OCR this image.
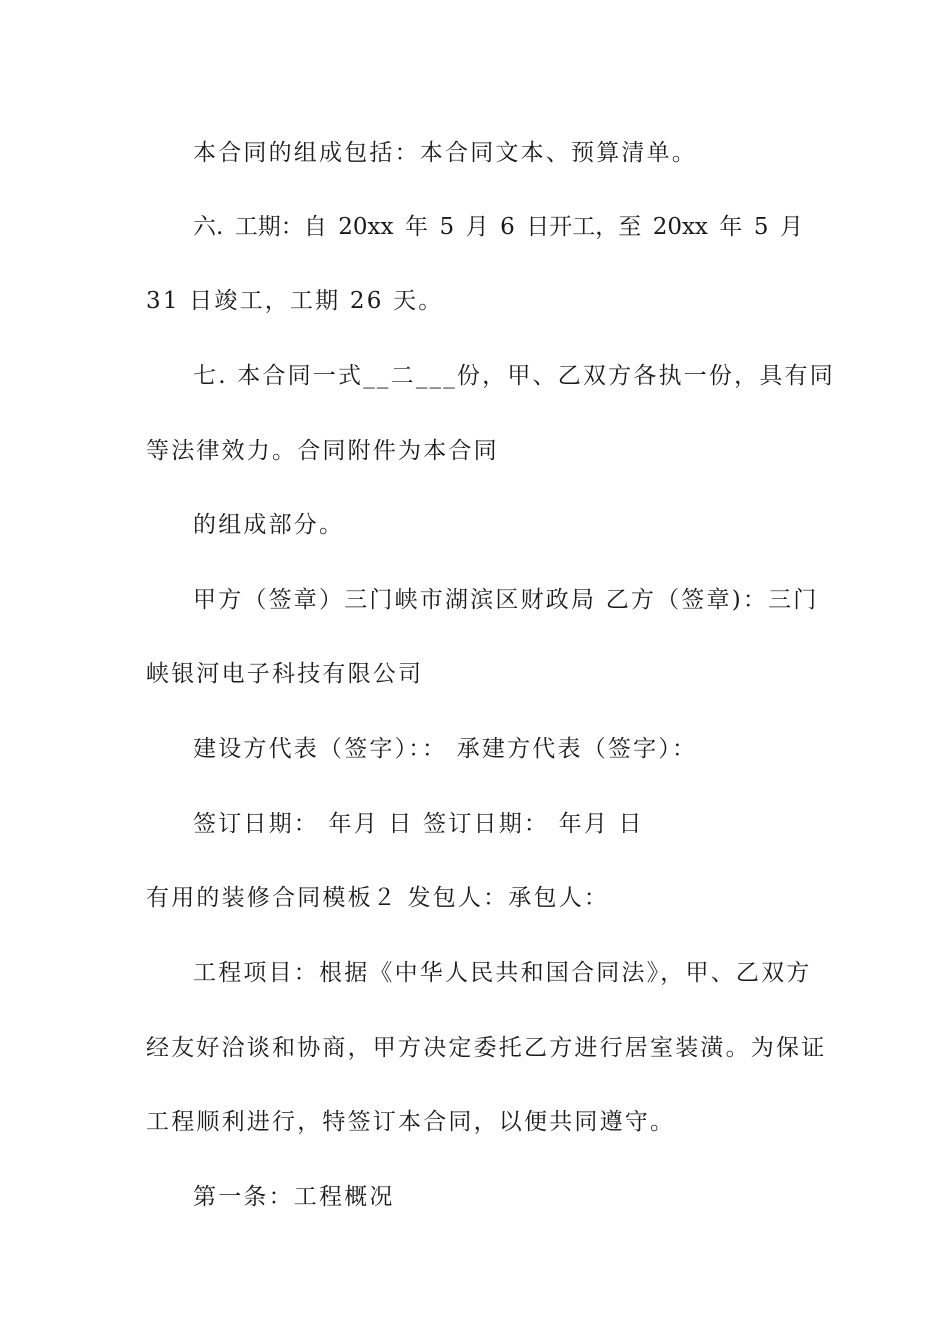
本合同的组成包括：本合同文本、预算清单。
六. 工期：自 20xx 年 5 月 6 日开工，至 20xx 年 5 月
31 日竣工，工期 26 天。
七. 本合同一式__二___份，甲、乙双方各执一份，具有同
等法律效力。合同附件为本合同
的组成部分。
甲方（签章）三门峡市湖滨区财政局 乙方（签章)：三门
峡银河电子科技有限公司
建设方代表（签字）：： 承建方代表（签字）：
签订日期： 年月 日 签订日期： 年月 日
有用的装修合同模板２ 发包人：承包人：
工程项目：根据《中华人民共和国合同法》，甲、乙双方
经友好洽谈和协商，甲方决定委托乙方进行居室装潢。为保证
工程顺利进行，特签订本合同，以便共同遵守。
第一条：工程概况
